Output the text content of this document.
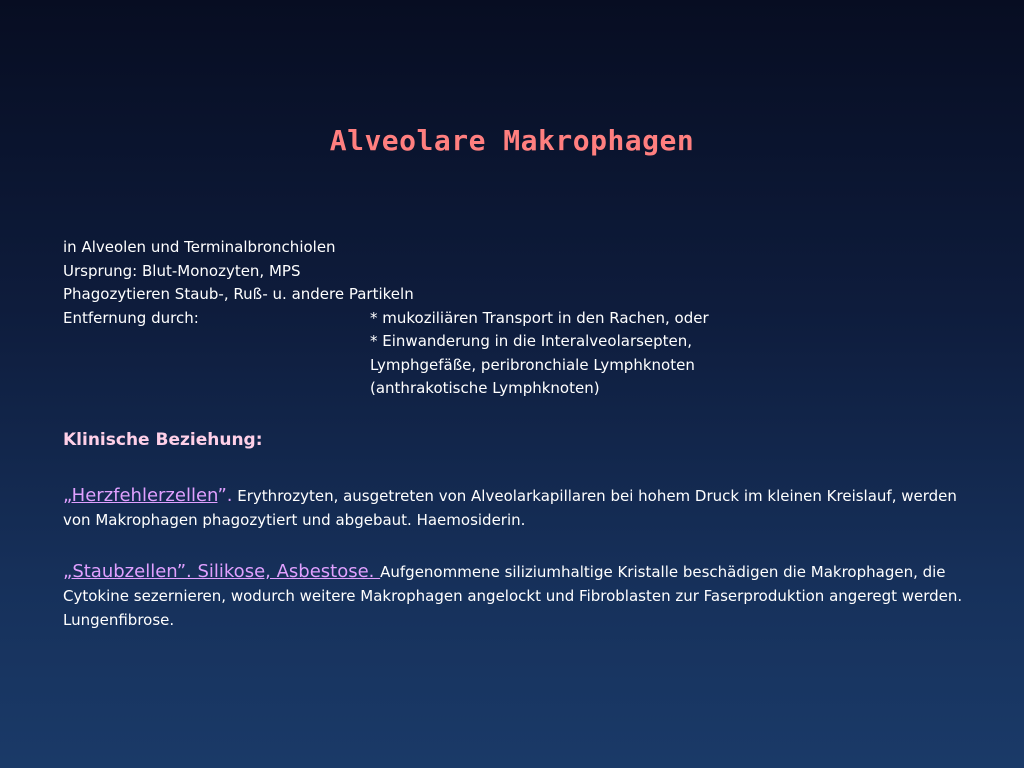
Alveolare Makrophagen
in Alveolen und Terminalbronchiolen
Ursprung: Blut-Monozyten, MPS
Phagozytieren Staub-, Ruß- u. andere Partikeln
Entfernung durch:	* mukoziliären Transport in den Rachen, oder
* Einwanderung in die Interalveolarsepten,
Lymphgefäße, peribronchiale Lymphknoten
(anthrakotische Lymphknoten)
Klinische Beziehung:
„Herzfehlerzellen”. Erythrozyten, ausgetreten von Alveolarkapillaren bei hohem Druck im kleinen Kreislauf, werden von Makrophagen phagozytiert und abgebaut. Haemosiderin.
„Staubzellen”. Silikose, Asbestose. Aufgenommene siliziumhaltige Kristalle beschädigen die Makrophagen, die Cytokine sezernieren, wodurch weitere Makrophagen angelockt und Fibroblasten zur Faserproduktion angeregt werden. Lungenfibrose.
